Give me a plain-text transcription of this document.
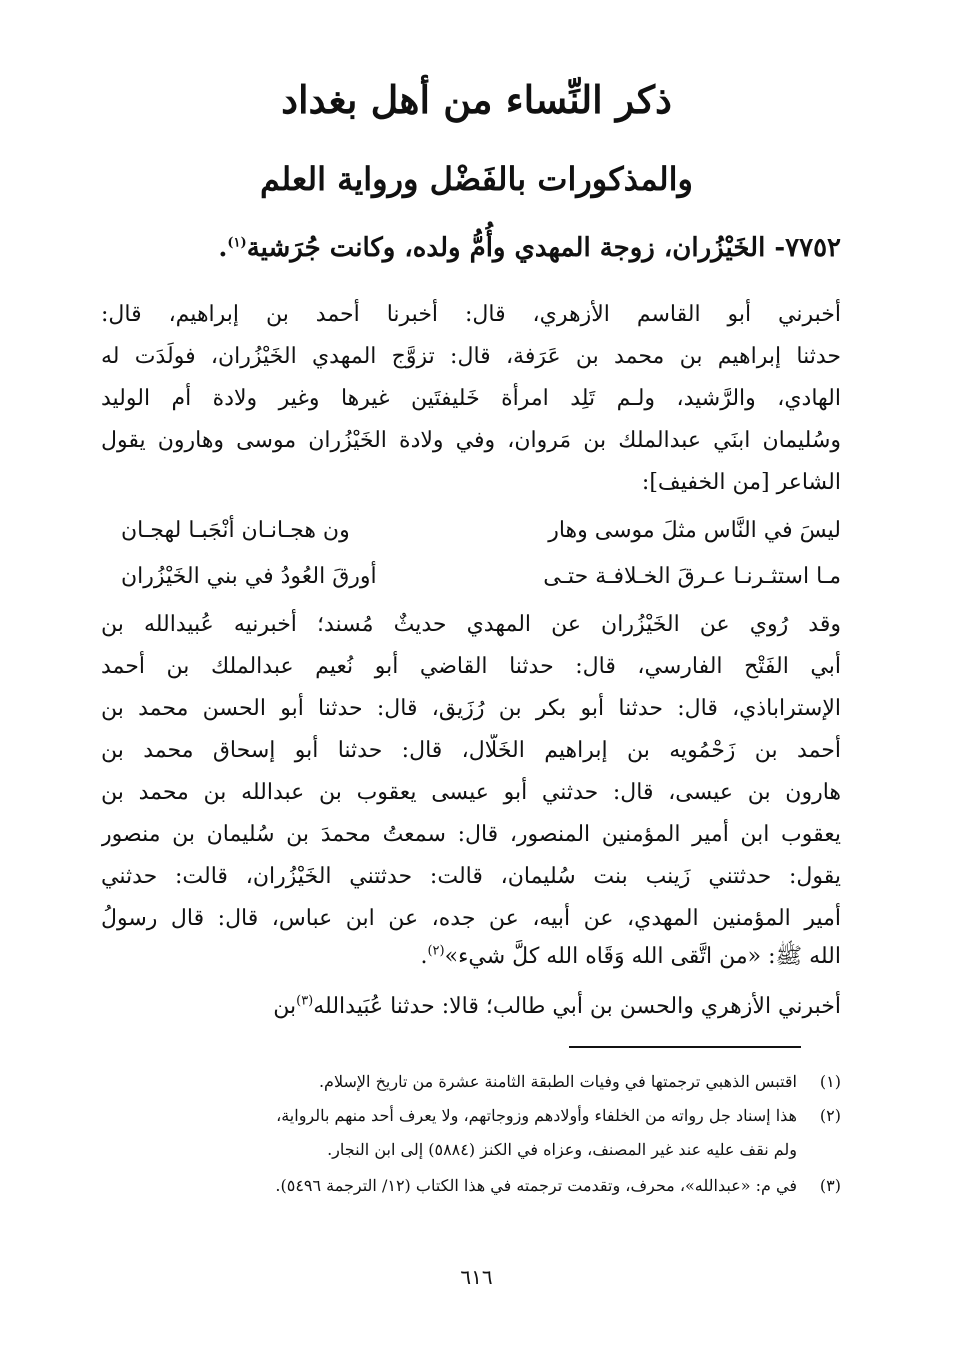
ذكر النِّساء من أهل بغداد
والمذكورات بالفَضْل ورواية العلم
٧٧٥٢- الخَيْزُران، زوجة المهدي وأُمُّ ولده، وكانت جُرَشية$^{(١)}$.
أخبرني أبو القاسم الأزهري، قال: أخبرنا أحمد بن إبراهيم، قال:
حدثنا إبراهيم بن محمد بن عَرَفة، قال: تزوَّج المهدي الخَيْزُران، فولَدَت له
الهادي، والرَّشيد، ولـم تَلِد امرأة خَليفتَين غيرها وغير ولادة أم الوليد
وسُليمان ابنَي عبدالملك بن مَروان، وفي ولادة الخَيْزُران موسى وهارون يقول
الشاعر [من الخفيف]:
ليسَ في النَّاس مثلَ موسى وهار
ون هجـانـان أنْجَبـا لهجـان
مـا استثـرنـا عـرقَ الخـلافـة حتـى
أورقَ العُودُ في بني الخَيْزُران
وقد رُوي عن الخَيْزُران عن المهدي حديثٌ مُسند؛ أخبرنيه عُبيدالله بن
أبي الفَتْح الفارسي، قال: حدثنا القاضي أبو نُعيم عبدالملك بن أحمد
الإستراباذي، قال: حدثنا أبو بكر بن رُزَيق، قال: حدثنا أبو الحسن محمد بن
أحمد بن زَحْمُويه بن إبراهيم الخَلّال، قال: حدثنا أبو إسحاق محمد بن
هارون بن عيسى، قال: حدثني أبو عيسى يعقوب بن عبدالله بن محمد بن
يعقوب ابن أمير المؤمنين المنصور، قال: سمعتُ محمدَ بن سُليمان بن منصور
يقول: حدثتني زَينب بنت سُليمان، قالت: حدثتني الخَيْزُران، قالت: حدثني
أمير المؤمنين المهدي، عن أبيه، عن جده، عن ابن عباس، قال: قال رسولُ
الله ﷺ: «من اتَّقى الله وَقَاه الله كلَّ شيء»$^{(٢)}$.
أخبرني الأزهري والحسن بن أبي طالب؛ قالا: حدثنا عُبَيدالله$^{(٣)}$بن
(١)اقتبس الذهبي ترجمتها في وفيات الطبقة الثامنة عشرة من تاريخ الإسلام.
(٢)هذا إسناد جل رواته من الخلفاء وأولادهم وزوجاتهم، ولا يعرف أحد منهم بالرواية،
ولم نقف عليه عند غير المصنف، وعزاه في الكنز (٥٨٨٤) إلى ابن النجار.
(٣)في م: «عبدالله»، محرف، وتقدمت ترجمته في هذا الكتاب (١٢/ الترجمة ٥٤٩٦).
٦١٦
